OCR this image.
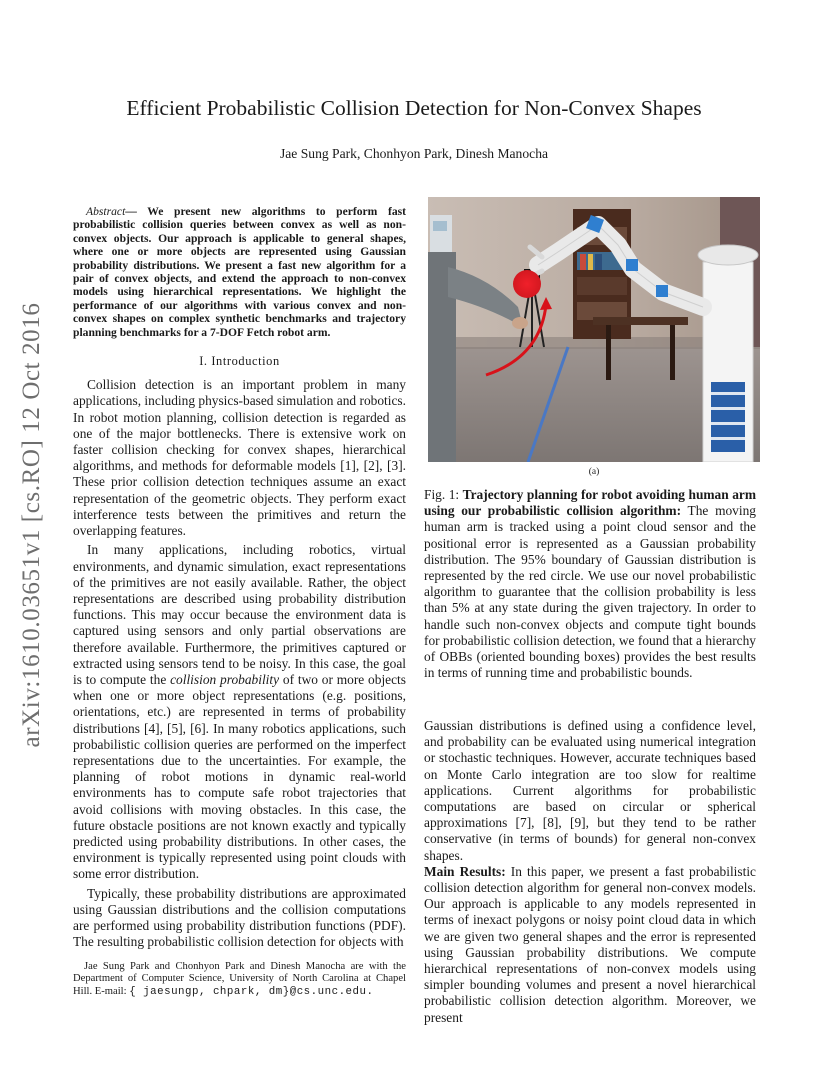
Efficient Probabilistic Collision Detection for Non-Convex Shapes
Jae Sung Park, Chonhyon Park, Dinesh Manocha
arXiv:1610.03651v1 [cs.RO] 12 Oct 2016

Abstract— We present new algorithms to perform fast probabilistic collision queries between convex as well as non-convex objects. Our approach is applicable to general shapes, where one or more objects are represented using Gaussian probability distributions. We present a fast new algorithm for a pair of convex objects, and extend the approach to non-convex models using hierarchical representations. We highlight the performance of our algorithms with various convex and non-convex shapes on complex synthetic benchmarks and trajectory planning benchmarks for a 7-DOF Fetch robot arm.

I. Introduction

Collision detection is an important problem in many applications, including physics-based simulation and robotics. In robot motion planning, collision detection is regarded as one of the major bottlenecks. There is extensive work on faster collision checking for convex shapes, hierarchical algorithms, and methods for deformable models [1], [2], [3]. These prior collision detection techniques assume an exact representation of the geometric objects. They perform exact interference tests between the primitives and return the overlapping features.

In many applications, including robotics, virtual environments, and dynamic simulation, exact representations of the primitives are not easily available. Rather, the object representations are described using probability distribution functions. This may occur because the environment data is captured using sensors and only partial observations are therefore available. Furthermore, the primitives captured or extracted using sensors tend to be noisy. In this case, the goal is to compute the collision probability of two or more objects when one or more object representations (e.g. positions, orientations, etc.) are represented in terms of probability distributions [4], [5], [6]. In many robotics applications, such probabilistic collision queries are performed on the imperfect representations due to the uncertainties. For example, the planning of robot motions in dynamic real-world environments has to compute safe robot trajectories that avoid collisions with moving obstacles. In this case, the future obstacle positions are not known exactly and typically predicted using probability distributions. In other cases, the environment is typically represented using point clouds with some error distribution.

Typically, these probability distributions are approximated using Gaussian distributions and the collision computations are performed using probability distribution functions (PDF). The resulting probabilistic collision detection for objects with

Jae Sung Park and Chonhyon Park and Dinesh Manocha are with the Department of Computer Science, University of North Carolina at Chapel Hill. E-mail: { jaesungp, chpark, dm}@cs.unc.edu.
(a)

Fig. 1: Trajectory planning for robot avoiding human arm using our probabilistic collision algorithm: The moving human arm is tracked using a point cloud sensor and the positional error is represented as a Gaussian probability distribution. The 95% boundary of Gaussian distribution is represented by the red circle. We use our novel probabilistic algorithm to guarantee that the collision probability is less than 5% at any state during the given trajectory. In order to handle such non-convex objects and compute tight bounds for probabilistic collision detection, we found that a hierarchy of OBBs (oriented bounding boxes) provides the best results in terms of running time and probabilistic bounds.

Gaussian distributions is defined using a confidence level, and probability can be evaluated using numerical integration or stochastic techniques. However, accurate techniques based on Monte Carlo integration are too slow for realtime applications. Current algorithms for probabilistic computations are based on circular or spherical approximations [7], [8], [9], but they tend to be rather conservative (in terms of bounds) for general non-convex shapes.

Main Results: In this paper, we present a fast probabilistic collision detection algorithm for general non-convex models. Our approach is applicable to any models represented in terms of inexact polygons or noisy point cloud data in which we are given two general shapes and the error is represented using Gaussian probability distributions. We compute hierarchical representations of non-convex models using simpler bounding volumes and present a novel hierarchical probabilistic collision detection algorithm. Moreover, we present
